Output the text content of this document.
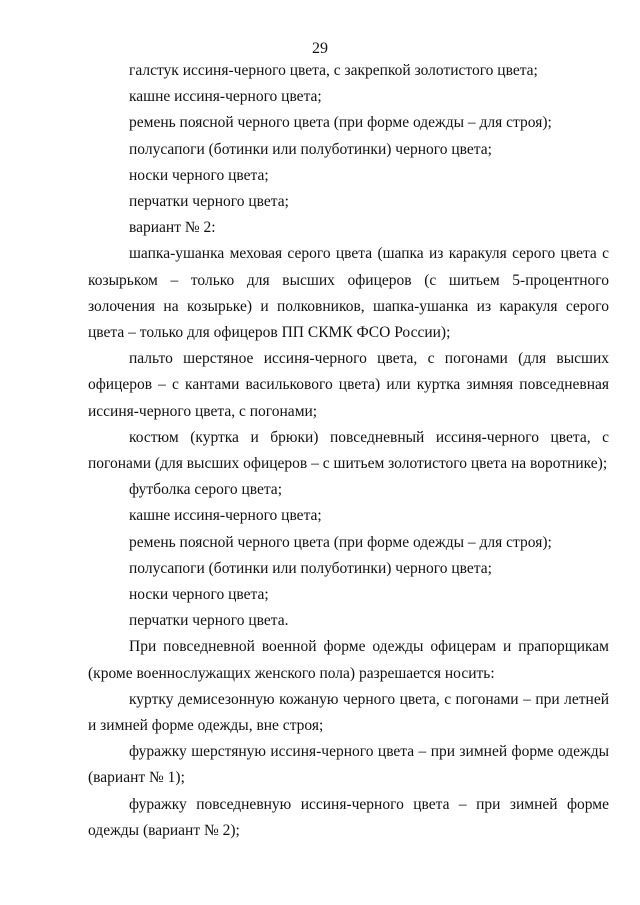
29

галстук иссиня-черного цвета, с закрепкой золотистого цвета;

кашне иссиня-черного цвета;

ремень поясной черного цвета (при форме одежды – для строя);

полусапоги (ботинки или полуботинки) черного цвета;

носки черного цвета;

перчатки черного цвета;

вариант № 2:

шапка-ушанка меховая серого цвета (шапка из каракуля серого цвета с козырьком – только для высших офицеров (с шитьем 5-процентного золочения на козырьке) и полковников, шапка-ушанка из каракуля серого цвета – только для офицеров ПП СКМК ФСО России);

пальто шерстяное иссиня-черного цвета, с погонами (для высших офицеров – с кантами василькового цвета) или куртка зимняя повседневная иссиня-черного цвета, с погонами;

костюм (куртка и брюки) повседневный иссиня-черного цвета, с погонами (для высших офицеров – с шитьем золотистого цвета на воротнике);

футболка серого цвета;

кашне иссиня-черного цвета;

ремень поясной черного цвета (при форме одежды – для строя);

полусапоги (ботинки или полуботинки) черного цвета;

носки черного цвета;

перчатки черного цвета.

При повседневной военной форме одежды офицерам и прапорщикам (кроме военнослужащих женского пола) разрешается носить:

куртку демисезонную кожаную черного цвета, с погонами – при летней и зимней форме одежды, вне строя;

фуражку шерстяную иссиня-черного цвета – при зимней форме одежды (вариант № 1);

фуражку повседневную иссиня-черного цвета – при зимней форме одежды (вариант № 2);
